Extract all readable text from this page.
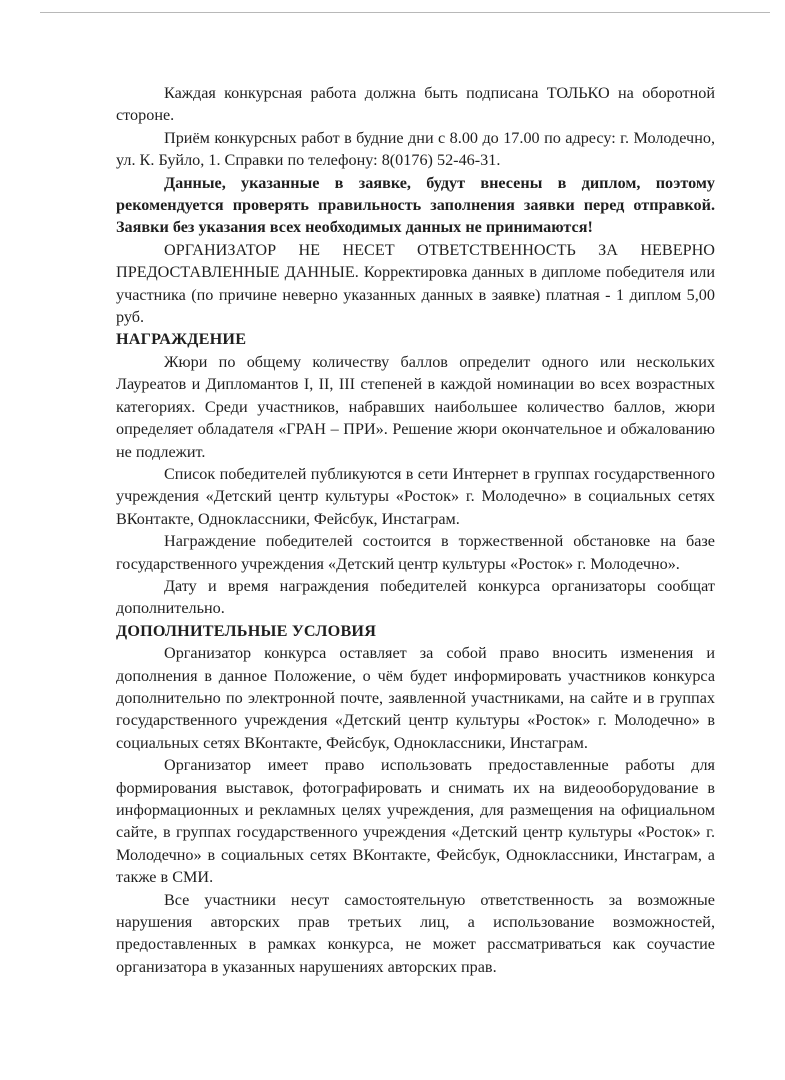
Каждая конкурсная работа должна быть подписана ТОЛЬКО на оборотной стороне.

Приём конкурсных работ в будние дни с 8.00 до 17.00 по адресу: г. Молодечно, ул. К. Буйло, 1. Справки по телефону: 8(0176) 52-46-31.

Данные, указанные в заявке, будут внесены в диплом, поэтому рекомендуется проверять правильность заполнения заявки перед отправкой. Заявки без указания всех необходимых данных не принимаются!

ОРГАНИЗАТОР НЕ НЕСЕТ ОТВЕТСТВЕННОСТЬ ЗА НЕВЕРНО ПРЕДОСТАВЛЕННЫЕ ДАННЫЕ. Корректировка данных в дипломе победителя или участника (по причине неверно указанных данных в заявке) платная - 1 диплом 5,00 руб.

НАГРАЖДЕНИЕ

Жюри по общему количеству баллов определит одного или нескольких Лауреатов и Дипломантов I, II, III степеней в каждой номинации во всех возрастных категориях. Среди участников, набравших наибольшее количество баллов, жюри определяет обладателя «ГРАН – ПРИ». Решение жюри окончательное и обжалованию не подлежит.

Список победителей публикуются в сети Интернет в группах государственного учреждения «Детский центр культуры «Росток» г. Молодечно» в социальных сетях ВКонтакте, Одноклассники, Фейсбук, Инстаграм.

Награждение победителей состоится в торжественной обстановке на базе государственного учреждения «Детский центр культуры «Росток» г. Молодечно».

Дату и время награждения победителей конкурса организаторы сообщат дополнительно.

ДОПОЛНИТЕЛЬНЫЕ УСЛОВИЯ

Организатор конкурса оставляет за собой право вносить изменения и дополнения в данное Положение, о чём будет информировать участников конкурса дополнительно по электронной почте, заявленной участниками, на сайте и в группах государственного учреждения «Детский центр культуры «Росток» г. Молодечно» в социальных сетях ВКонтакте, Фейсбук, Одноклассники, Инстаграм.

Организатор имеет право использовать предоставленные работы для формирования выставок, фотографировать и снимать их на видеооборудование в информационных и рекламных целях учреждения, для размещения на официальном сайте, в группах государственного учреждения «Детский центр культуры «Росток» г. Молодечно» в социальных сетях ВКонтакте, Фейсбук, Одноклассники, Инстаграм, а также в СМИ.

Все участники несут самостоятельную ответственность за возможные нарушения авторских прав третьих лиц, а использование возможностей, предоставленных в рамках конкурса, не может рассматриваться как соучастие организатора в указанных нарушениях авторских прав.
